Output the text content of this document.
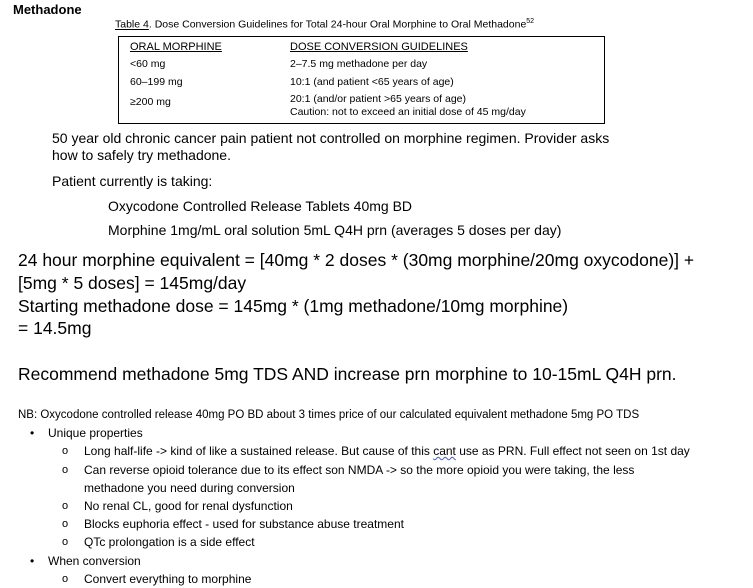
Methadone
Table 4. Dose Conversion Guidelines for Total 24-hour Oral Morphine to Oral Methadone$^{52}$
ORAL MORPHINE	DOSE CONVERSION GUIDELINES
<60 mg	2–7.5 mg methadone per day
60–199 mg	10:1 (and patient <65 years of age)
≥200 mg	20:1 (and/or patient >65 years of age)
Caution: not to exceed an initial dose of 45 mg/day
50 year old chronic cancer pain patient not controlled on morphine regimen. Provider asks
how to safely try methadone.
Patient currently is taking:
Oxycodone Controlled Release Tablets 40mg BD
Morphine 1mg/mL oral solution 5mL Q4H prn (averages 5 doses per day)
24 hour morphine equivalent = [40mg * 2 doses * (30mg morphine/20mg oxycodone)] +
[5mg * 5 doses] = 145mg/day
Starting methadone dose = 145mg * (1mg methadone/10mg morphine)
= 14.5mg
Recommend methadone 5mg TDS AND increase prn morphine to 10-15mL Q4H prn.
NB: Oxycodone controlled release 40mg PO BD about 3 times price of our calculated equivalent methadone 5mg PO TDS
• Unique properties
o Long half-life -> kind of like a sustained release. But cause of this cant use as PRN. Full effect not seen on 1st day
o Can reverse opioid tolerance due to its effect son NMDA -> so the more opioid you were taking, the less
methadone you need during conversion
o No renal CL, good for renal dysfunction
o Blocks euphoria effect - used for substance abuse treatment
o QTc prolongation is a side effect
• When conversion
o Convert everything to morphine
